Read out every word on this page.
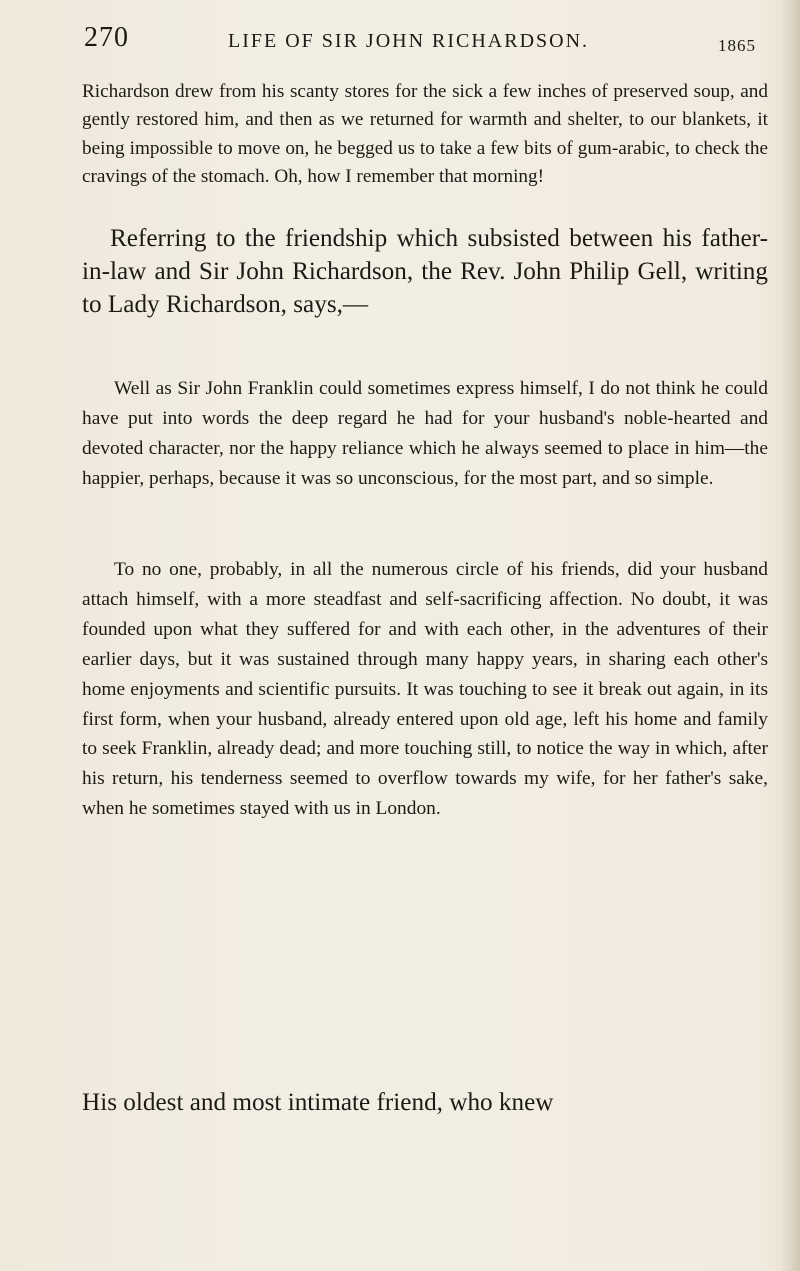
270	LIFE OF SIR JOHN RICHARDSON.	1865

Richardson drew from his scanty stores for the sick a few inches of preserved soup, and gently restored him, and then as we returned for warmth and shelter, to our blankets, it being impossible to move on, he begged us to take a few bits of gum-arabic, to check the cravings of the stomach. Oh, how I remember that morning!

Referring to the friendship which subsisted between his father-in-law and Sir John Richardson, the Rev. John Philip Gell, writing to Lady Richardson, says,—

Well as Sir John Franklin could sometimes express himself, I do not think he could have put into words the deep regard he had for your husband's noble-hearted and devoted character, nor the happy reliance which he always seemed to place in him—the happier, perhaps, because it was so unconscious, for the most part, and so simple.

To no one, probably, in all the numerous circle of his friends, did your husband attach himself, with a more steadfast and self-sacrificing affection. No doubt, it was founded upon what they suffered for and with each other, in the adventures of their earlier days, but it was sustained through many happy years, in sharing each other's home enjoyments and scientific pursuits. It was touching to see it break out again, in its first form, when your husband, already entered upon old age, left his home and family to seek Franklin, already dead; and more touching still, to notice the way in which, after his return, his tenderness seemed to overflow towards my wife, for her father's sake, when he sometimes stayed with us in London.

His oldest and most intimate friend, who knew
